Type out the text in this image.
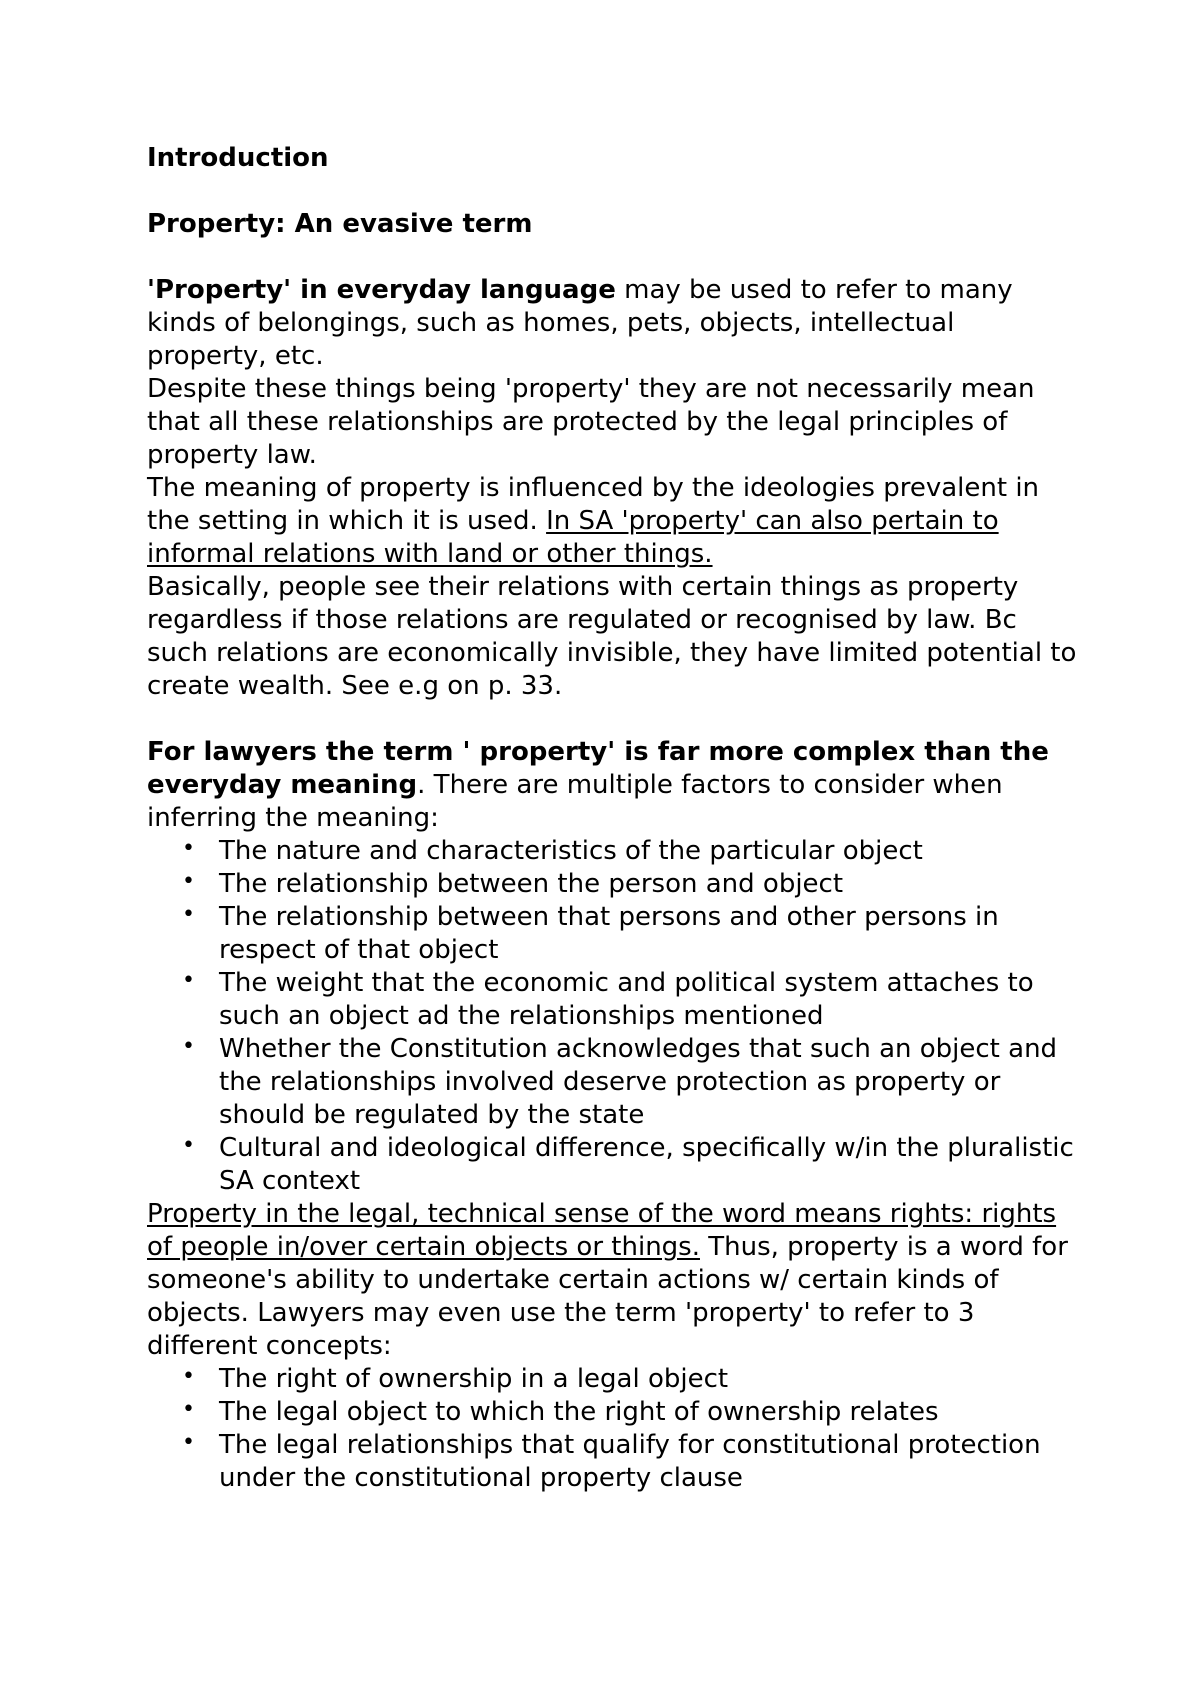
Introduction

Property: An evasive term

'Property' in everyday language may be used to refer to many kinds of belongings, such as homes, pets, objects, intellectual property, etc.

Despite these things being 'property' they are not necessarily mean that all these relationships are protected by the legal principles of property law.

The meaning of property is influenced by the ideologies prevalent in the setting in which it is used. In SA 'property' can also pertain to informal relations with land or other things.

Basically, people see their relations with certain things as property regardless if those relations are regulated or recognised by law. Bc such relations are economically invisible, they have limited potential to create wealth. See e.g on p. 33.

For lawyers the term ' property' is far more complex than the everyday meaning. There are multiple factors to consider when inferring the meaning:

• The nature and characteristics of the particular object
• The relationship between the person and object
• The relationship between that persons and other persons in respect of that object
• The weight that the economic and political system attaches to such an object ad the relationships mentioned
• Whether the Constitution acknowledges that such an object and the relationships involved deserve protection as property or should be regulated by the state
• Cultural and ideological difference, specifically w/in the pluralistic SA context

Property in the legal, technical sense of the word means rights: rights of people in/over certain objects or things. Thus, property is a word for someone's ability to undertake certain actions w/ certain kinds of objects. Lawyers may even use the term 'property' to refer to 3 different concepts:

• The right of ownership in a legal object
• The legal object to which the right of ownership relates
• The legal relationships that qualify for constitutional protection under the constitutional property clause
